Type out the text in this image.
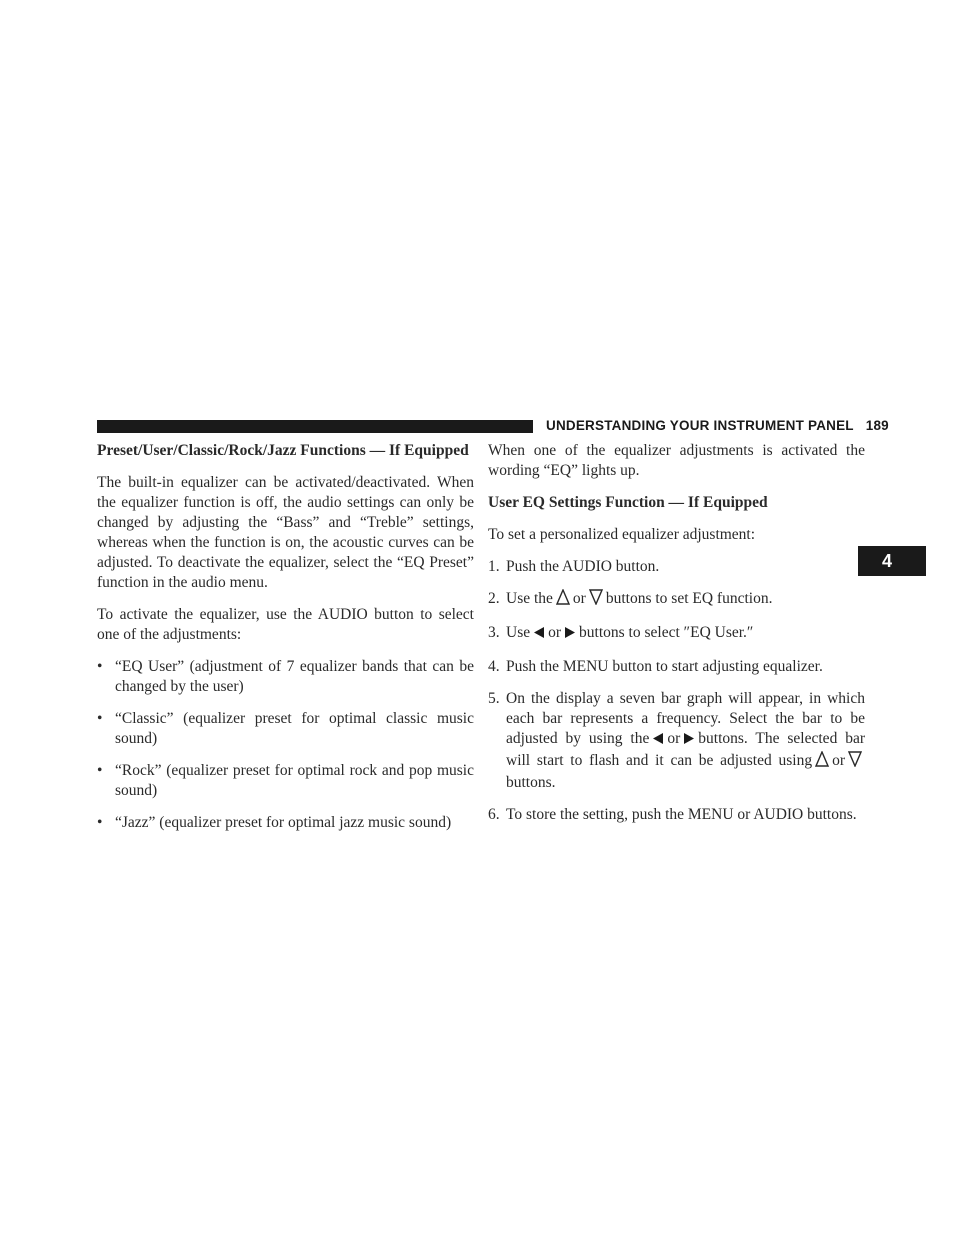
UNDERSTANDING YOUR INSTRUMENT PANEL 189
4
Preset/User/Classic/Rock/Jazz Functions — If Equipped

The built-in equalizer can be activated/deactivated. When the equalizer function is off, the audio settings can only be changed by adjusting the “Bass” and “Treble” settings, whereas when the function is on, the acoustic curves can be adjusted. To deactivate the equalizer, select the “EQ Preset” function in the audio menu.

To activate the equalizer, use the AUDIO button to select one of the adjustments:

• “EQ User” (adjustment of 7 equalizer bands that can be changed by the user)
• “Classic” (equalizer preset for optimal classic music sound)
• “Rock” (equalizer preset for optimal rock and pop music sound)
• “Jazz” (equalizer preset for optimal jazz music sound)

When one of the equalizer adjustments is activated the wording “EQ” lights up.

User EQ Settings Function — If Equipped

To set a personalized equalizer adjustment:

1. Push the AUDIO button.
2. Use the or buttons to set EQ function.
3. Use or buttons to select ″EQ User.″
4. Push the MENU button to start adjusting equalizer.
5. On the display a seven bar graph will appear, in which each bar represents a frequency. Select the bar to be adjusted by using the or buttons. The selected bar will start to flash and it can be adjusted using orbuttons.
6. To store the setting, push the MENU or AUDIO buttons.
